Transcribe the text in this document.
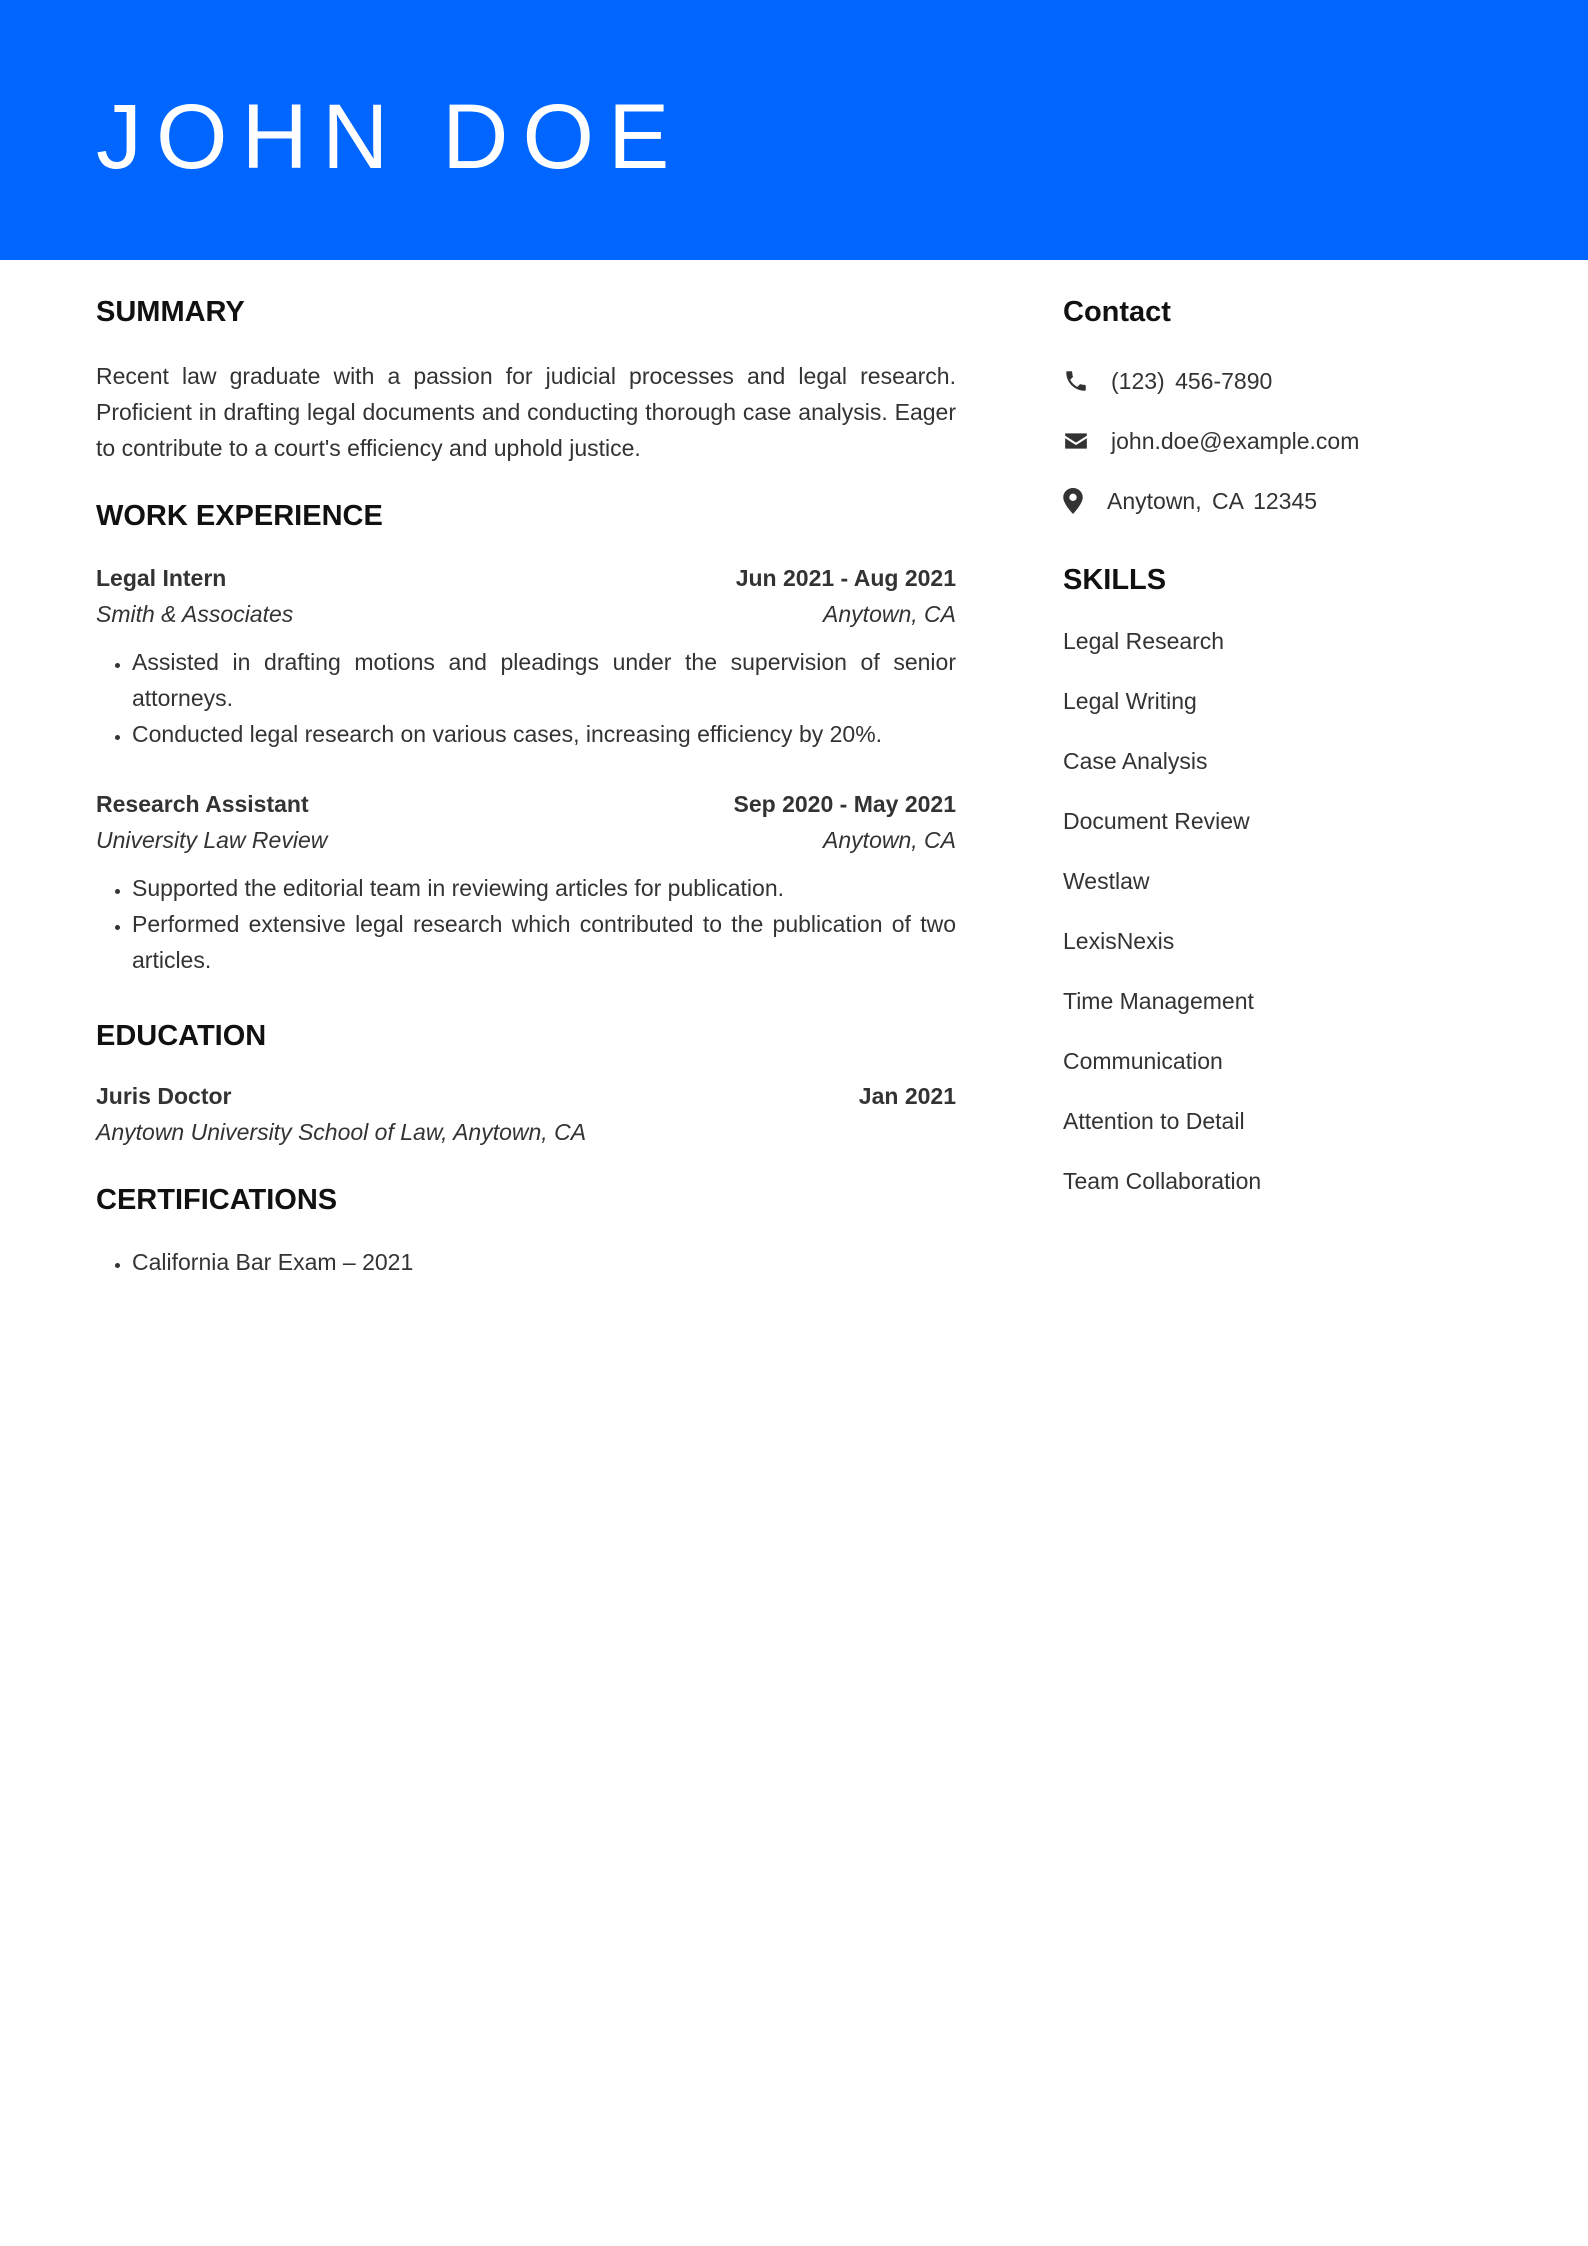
JOHN DOE
SUMMARY

Recent law graduate with a passion for judicial processes and legal research. Proficient in drafting legal documents and conducting thorough case analysis. Eager to contribute to a court's efficiency and uphold justice.

WORK EXPERIENCE
Legal Intern	Jun 2021 - Aug 2021
Smith & Associates	Anytown, CA
• Assisted in drafting motions and pleadings under the supervision of senior attorneys.
• Conducted legal research on various cases, increasing efficiency by 20%.
Research Assistant	Sep 2020 - May 2021
University Law Review	Anytown, CA
• Supported the editorial team in reviewing articles for publication.
• Performed extensive legal research which contributed to the publication of two articles.
EDUCATION
Juris Doctor	Jan 2021
Anytown University School of Law, Anytown, CA
CERTIFICATIONS
• California Bar Exam – 2021
Contact
(123) 456-7890
john.doe@example.com
Anytown, CA 12345
SKILLS
Legal Research
Legal Writing
Case Analysis
Document Review
Westlaw
LexisNexis
Time Management
Communication
Attention to Detail
Team Collaboration
